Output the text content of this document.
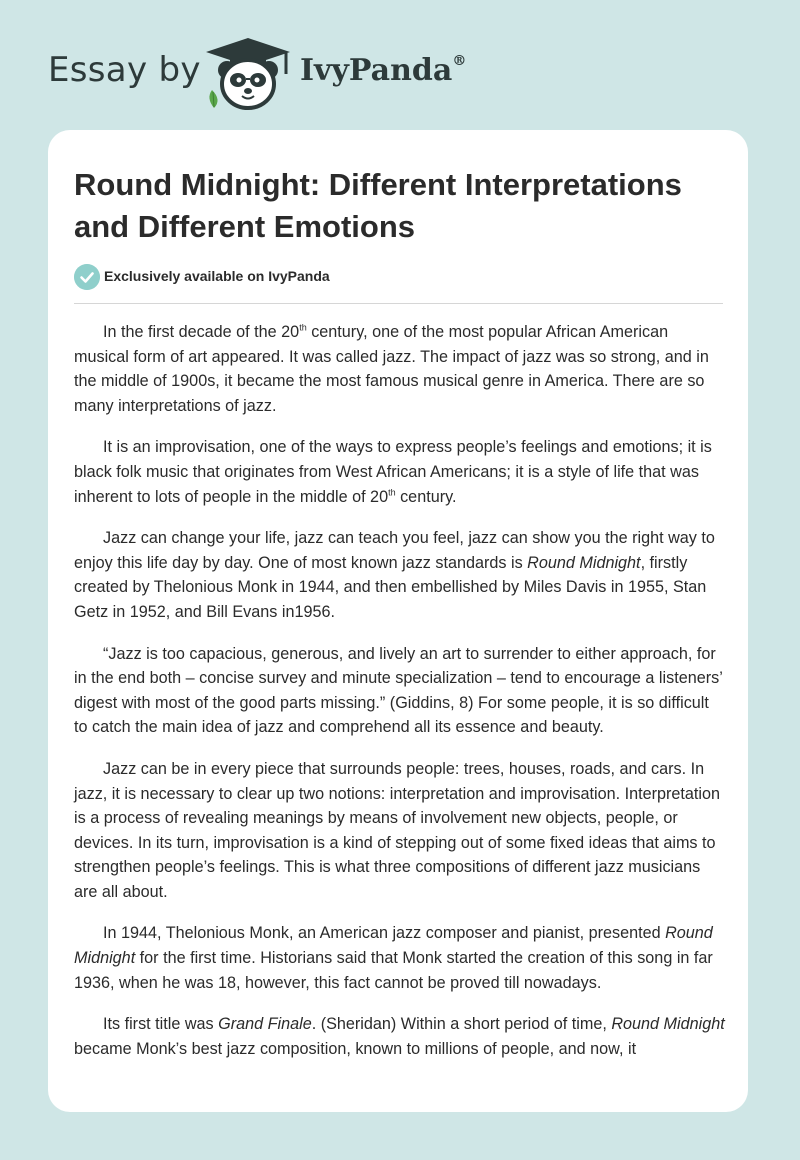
Essay by	IvyPanda®
Round Midnight: Different Interpretations and Different Emotions
Exclusively available on IvyPanda

In the first decade of the 20th century, one of the most popular African American musical form of art appeared. It was called jazz. The impact of jazz was so strong, and in the middle of 1900s, it became the most famous musical genre in America. There are so many interpretations of jazz.

It is an improvisation, one of the ways to express people’s feelings and emotions; it is black folk music that originates from West African Americans; it is a style of life that was inherent to lots of people in the middle of 20th century.

Jazz can change your life, jazz can teach you feel, jazz can show you the right way to enjoy this life day by day. One of most known jazz standards is Round Midnight, firstly created by Thelonious Monk in 1944, and then embellished by Miles Davis in 1955, Stan Getz in 1952, and Bill Evans in1956.

“Jazz is too capacious, generous, and lively an art to surrender to either approach, for in the end both – concise survey and minute specialization – tend to encourage a listeners’ digest with most of the good parts missing.” (Giddins, 8) For some people, it is so difficult to catch the main idea of jazz and comprehend all its essence and beauty.

Jazz can be in every piece that surrounds people: trees, houses, roads, and cars. In jazz, it is necessary to clear up two notions: interpretation and improvisation. Interpretation is a process of revealing meanings by means of involvement new objects, people, or devices. In its turn, improvisation is a kind of stepping out of some fixed ideas that aims to strengthen people’s feelings. This is what three compositions of different jazz musicians are all about.

In 1944, Thelonious Monk, an American jazz composer and pianist, presented Round Midnight for the first time. Historians said that Monk started the creation of this song in far 1936, when he was 18, however, this fact cannot be proved till nowadays.

Its first title was Grand Finale. (Sheridan) Within a short period of time, Round Midnight became Monk’s best jazz composition, known to millions of people, and now, it
